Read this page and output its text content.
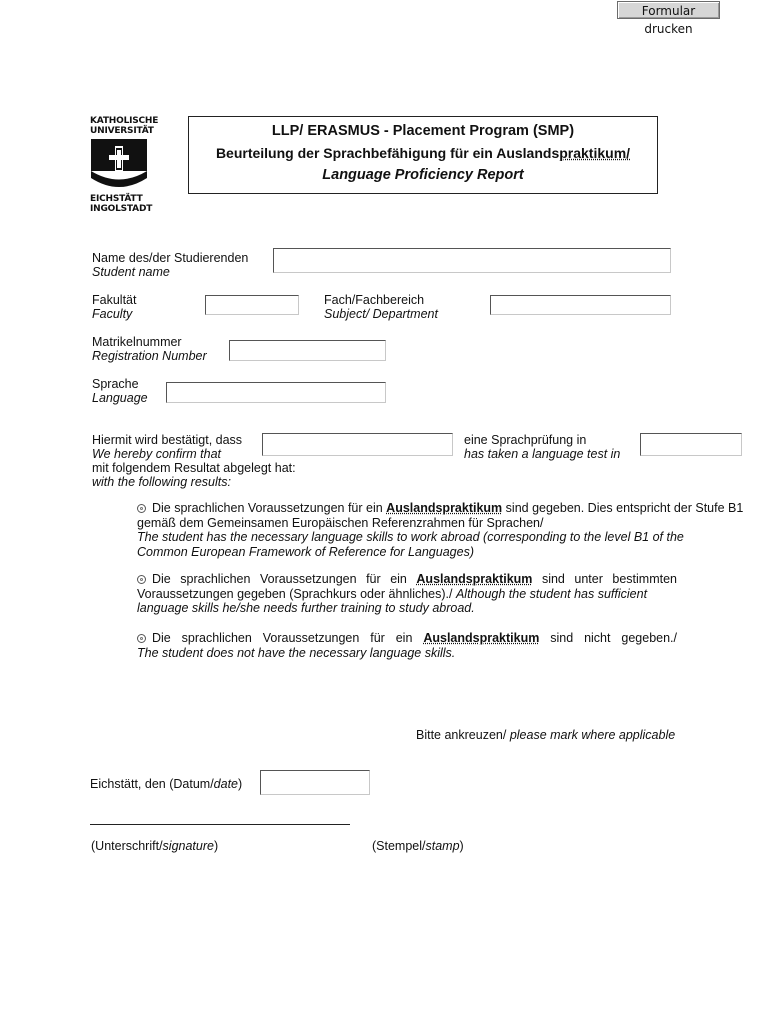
Formular drucken
KATHOLISCHE
UNIVERSITÄT
EICHSTÄTT
INGOLSTADT
LLP/ ERASMUS - Placement Program (SMP)
Beurteilung der Sprachbefähigung für ein Auslandspraktikum/
Language Proficiency Report
Name des/der Studierenden
Student name
Fakultät
Faculty
Fach/Fachbereich
Subject/ Department
Matrikelnummer
Registration Number
Sprache
Language
Hiermit wird bestätigt, dass
We hereby confirm that
mit folgendem Resultat abgelegt hat:
with the following results:
eine Sprachprüfung in
has taken a language test in
Die sprachlichen Voraussetzungen für ein Auslandspraktikum sind gegeben. Dies entspricht der Stufe B1
gemäß dem Gemeinsamen Europäischen Referenzrahmen für Sprachen/
The student has the necessary language skills to work abroad (corresponding to the level B1 of the
Common European Framework of Reference for Languages)
Die sprachlichen Voraussetzungen für ein Auslandspraktikum sind unter bestimmten
Voraussetzungen gegeben (Sprachkurs oder ähnliches)./ Although the student has sufficient
language skills he/she needs further training to study abroad.
Die sprachlichen Voraussetzungen für ein Auslandspraktikum sind nicht gegeben./
The student does not have the necessary language skills.
Bitte ankreuzen/ please mark where applicable
Eichstätt, den (Datum/date)
(Unterschrift/signature)	(Stempel/stamp)
